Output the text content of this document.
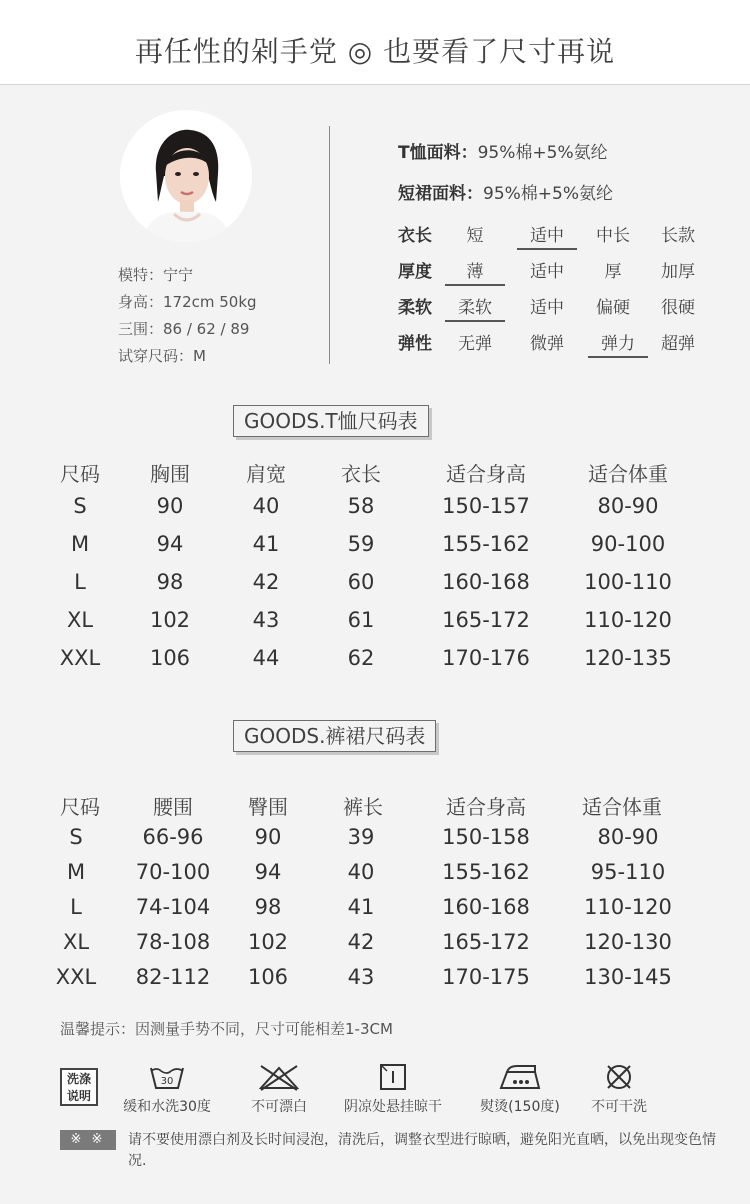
再任性的剁手党 ◎ 也要看了尺寸再说
模特：宁宁
身高：172cm 50kg
三围：86 / 62 / 89
试穿尺码：M
T恤面料：95%棉+5%氨纶
短裙面料：95%棉+5%氨纶
衣长	短	适中	中长	长款
厚度	薄	适中	厚	加厚
柔软	柔软	适中	偏硬	很硬
弹性	无弹	微弹	弹力	超弹
GOODS.T恤尺码表
尺码	胸围	肩宽	衣长	适合身高	适合体重
S	90	40	58	150-157	80-90
M	94	41	59	155-162	90-100
L	98	42	60	160-168	100-110
XL	102	43	61	165-172	110-120
XXL 106	44	62	170-176	120-135
GOODS.裤裙尺码表
尺码	腰围	臀围	裤长	适合身高	适合体重
S	66-96 90	39	150-158	80-90
M 70-100 94	40	155-162	95-110
L	74-104 98	41	160-168	110-120
XL 78-108 102	42	165-172	120-130
XXL 82-112 106	43	170-175	130-145
温馨提示：因测量手势不同，尺寸可能相差1-3CM
洗涤
说明
30
缓和水洗30度	不可漂白	阴凉处悬挂晾干	熨烫(150度)	不可干洗
※ ※	请不要使用漂白剂及长时间浸泡，清洗后，调整衣型进行晾晒，避免阳光直晒，以免出现变色情况.
